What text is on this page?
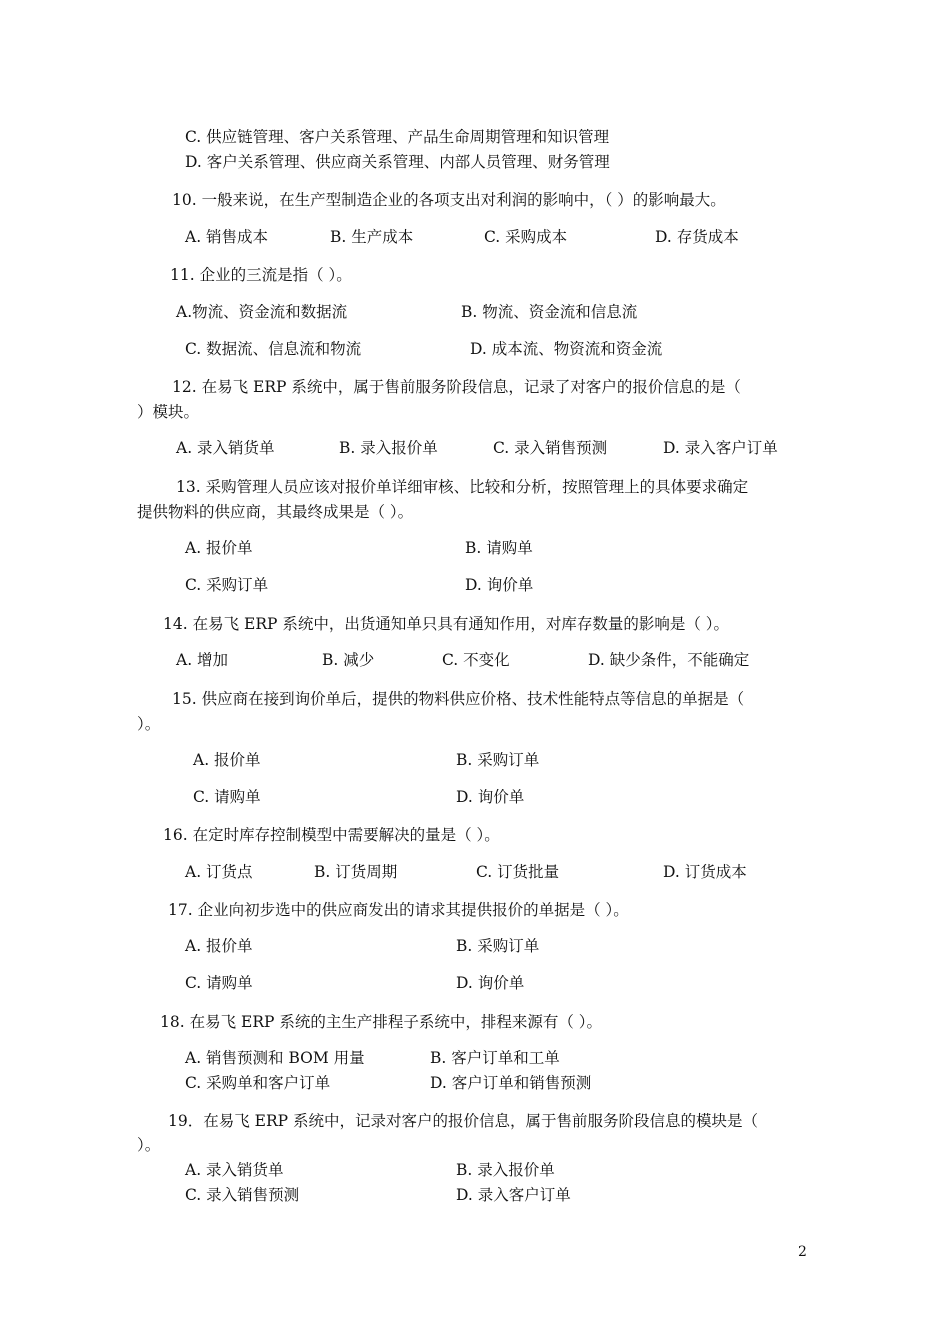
C. 供应链管理、客户关系管理、产品生命周期管理和知识管理
D. 客户关系管理、供应商关系管理、内部人员管理、财务管理
10. 一般来说，在生产型制造企业的各项支出对利润的影响中，（ ）的影响最大。
A. 销售成本	B. 生产成本	C. 采购成本	D. 存货成本
11. 企业的三流是指（ ）。
A.物流、资金流和数据流	B. 物流、资金流和信息流
C. 数据流、信息流和物流	D. 成本流、物资流和资金流
12. 在易飞 ERP 系统中，属于售前服务阶段信息，记录了对客户的报价信息的是（
）模块。
A. 录入销货单	B. 录入报价单	C. 录入销售预测	D. 录入客户订单
13. 采购管理人员应该对报价单详细审核、比较和分析，按照管理上的具体要求确定
提供物料的供应商，其最终成果是（ ）。
A. 报价单	B. 请购单
C. 采购订单	D. 询价单
14. 在易飞 ERP 系统中，出货通知单只具有通知作用，对库存数量的影响是（ ）。
A. 增加	B. 减少	C. 不变化	D. 缺少条件，不能确定
15. 供应商在接到询价单后，提供的物料供应价格、技术性能特点等信息的单据是（
）。
A. 报价单	B. 采购订单
C. 请购单	D. 询价单
16. 在定时库存控制模型中需要解决的量是（ ）。
A. 订货点	B. 订货周期	C. 订货批量	D. 订货成本
17. 企业向初步选中的供应商发出的请求其提供报价的单据是（ ）。
A. 报价单	B. 采购订单
C. 请购单	D. 询价单
18. 在易飞 ERP 系统的主生产排程子系统中，排程来源有（ ）。
A. 销售预测和 BOM 用量	B. 客户订单和工单
C. 采购单和客户订单	D. 客户订单和销售预测
19．在易飞 ERP 系统中，记录对客户的报价信息，属于售前服务阶段信息的模块是（
）。
A. 录入销货单	B. 录入报价单
C. 录入销售预测	D. 录入客户订单
2
